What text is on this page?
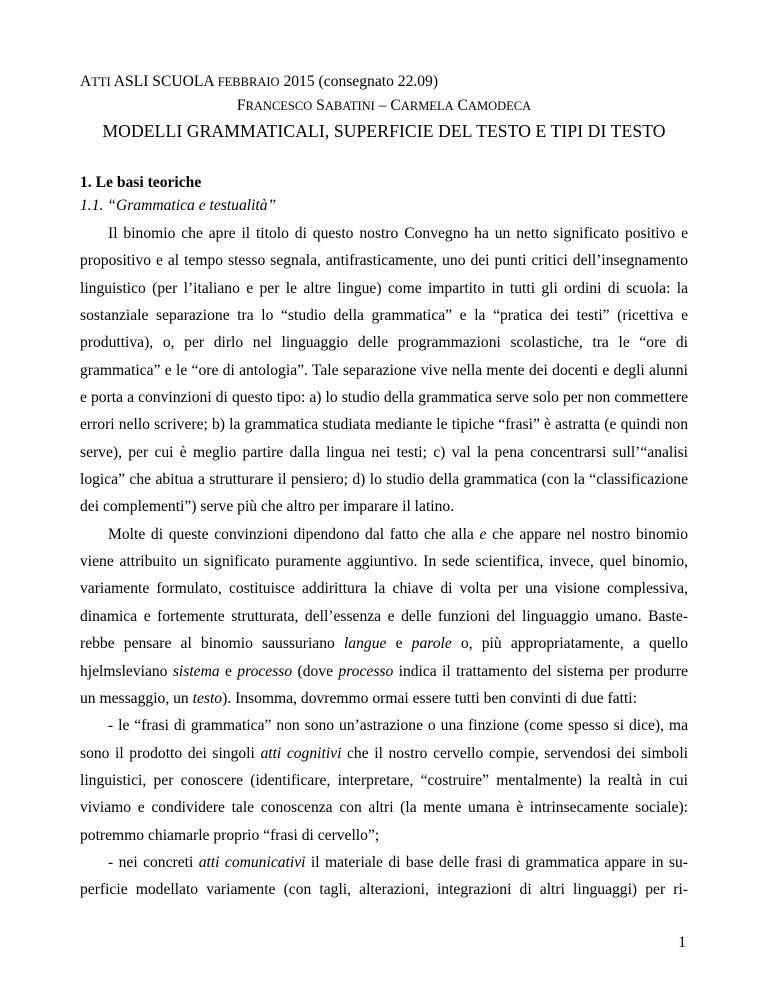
ATTI ASLI SCUOLA FEBBRAIO 2015 (consegnato 22.09)
FRANCESCO SABATINI – CARMELA CAMODECA
MODELLI GRAMMATICALI, SUPERFICIE DEL TESTO E TIPI DI TESTO
1. Le basi teoriche
1.1. “Grammatica e testualità”

Il binomio che apre il titolo di questo nostro Convegno ha un netto significato positivo e propositivo e al tempo stesso segnala, antifrasticamente, uno dei punti critici dell’insegnamento linguistico (per l’italiano e per le altre lingue) come impartito in tutti gli ordini di scuola: la sostanziale separazione tra lo “studio della grammatica” e la “pratica dei testi” (ricettiva e produttiva), o, per dirlo nel linguaggio delle programmazioni scolastiche, tra le “ore di grammatica” e le “ore di antologia”. Tale separazione vive nella mente dei docenti e degli alunni e porta a convinzioni di questo tipo: a) lo studio della grammatica serve solo per non commettere errori nello scrivere; b) la grammatica studiata mediante le tipiche “frasi” è astratta (e quindi non serve), per cui è meglio partire dalla lingua nei testi; c) val la pena concentrarsi sull’“analisi logica” che abitua a strutturare il pensiero; d) lo studio della grammatica (con la “classificazione dei complementi”) serve più che altro per imparare il latino.

Molte di queste convinzioni dipendono dal fatto che alla e che appare nel nostro binomio viene attribuito un significato puramente aggiuntivo. In sede scientifica, invece, quel binomio, variamente formulato, costituisce addirittura la chiave di volta per una visione complessiva, dinamica e fortemente strutturata, dell’essenza e delle funzioni del linguaggio umano. Basterebbe pensare al binomio saussuriano langue e parole o, più appropriatamente, a quello hjelmsleviano sistema e processo (dove processo indica il trattamento del sistema per produrre un messaggio, un testo). Insomma, dovremmo ormai essere tutti ben convinti di due fatti:

- le “frasi di grammatica” non sono un’astrazione o una finzione (come spesso si dice), ma sono il prodotto dei singoli atti cognitivi che il nostro cervello compie, servendosi dei simboli linguistici, per conoscere (identificare, interpretare, “costruire” mentalmente) la realtà in cui viviamo e condividere tale conoscenza con altri (la mente umana è intrinsecamente sociale): potremmo chiamarle proprio “frasi di cervello”;

- nei concreti atti comunicativi il materiale di base delle frasi di grammatica appare in superficie modellato variamente (con tagli, alterazioni, integrazioni di altri linguaggi) per ri-

1
